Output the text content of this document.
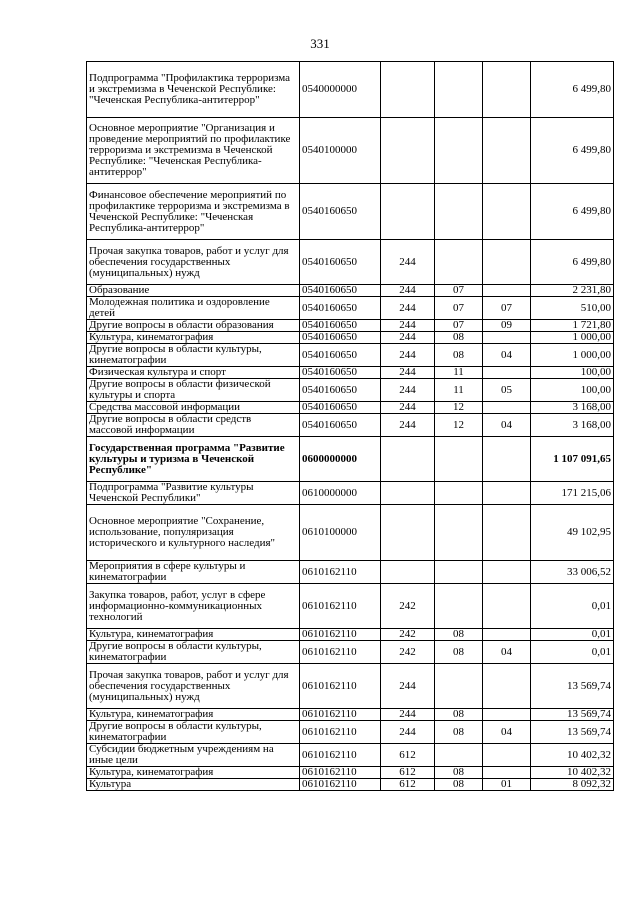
331
Подпрограмма "Профилактика терроризма и экстремизма в Чеченской Республике: "Чеченская Республика-антитеррор"	0540000000				6 499,80
Основное мероприятие "Организация и проведение мероприятий по профилактике терроризма и экстремизма в Чеченской Республике: "Чеченская Республика-антитеррор"	0540100000				6 499,80
Финансовое обеспечение мероприятий по профилактике терроризма и экстремизма в Чеченской Республике: "Чеченская Республика-антитеррор"	0540160650				6 499,80
Прочая закупка товаров, работ и услуг для обеспечения государственных (муниципальных) нужд	0540160650	244			6 499,80
Образование	0540160650	244	07		2 231,80
Молодежная политика и оздоровление детей	0540160650	244	07	07	510,00
Другие вопросы в области образования	0540160650	244	07	09	1 721,80
Культура, кинематография	0540160650	244	08		1 000,00
Другие вопросы в области культуры, кинематографии	0540160650	244	08	04	1 000,00
Физическая культура и спорт	0540160650	244	11		100,00
Другие вопросы в области физической культуры и спорта	0540160650	244	11	05	100,00
Средства массовой информации	0540160650	244	12		3 168,00
Другие вопросы в области средств массовой информации	0540160650	244	12	04	3 168,00
Государственная программа "Развитие культуры и туризма в Чеченской Республике"	0600000000				1 107 091,65
Подпрограмма "Развитие культуры Чеченской Республики"	0610000000				171 215,06
Основное мероприятие "Сохранение, использование, популяризация исторического и культурного наследия"	0610100000				49 102,95
Мероприятия в сфере культуры и кинематографии	0610162110				33 006,52
Закупка товаров, работ, услуг в сфере информационно-коммуникационных технологий	0610162110	242			0,01
Культура, кинематография	0610162110	242	08		0,01
Другие вопросы в области культуры, кинематографии	0610162110	242	08	04	0,01
Прочая закупка товаров, работ и услуг для обеспечения государственных (муниципальных) нужд	0610162110	244			13 569,74
Культура, кинематография	0610162110	244	08		13 569,74
Другие вопросы в области культуры, кинематографии	0610162110	244	08	04	13 569,74
Субсидии бюджетным учреждениям на иные цели	0610162110	612			10 402,32
Культура, кинематография	0610162110	612	08		10 402,32
Культура	0610162110	612	08	01	8 092,32
